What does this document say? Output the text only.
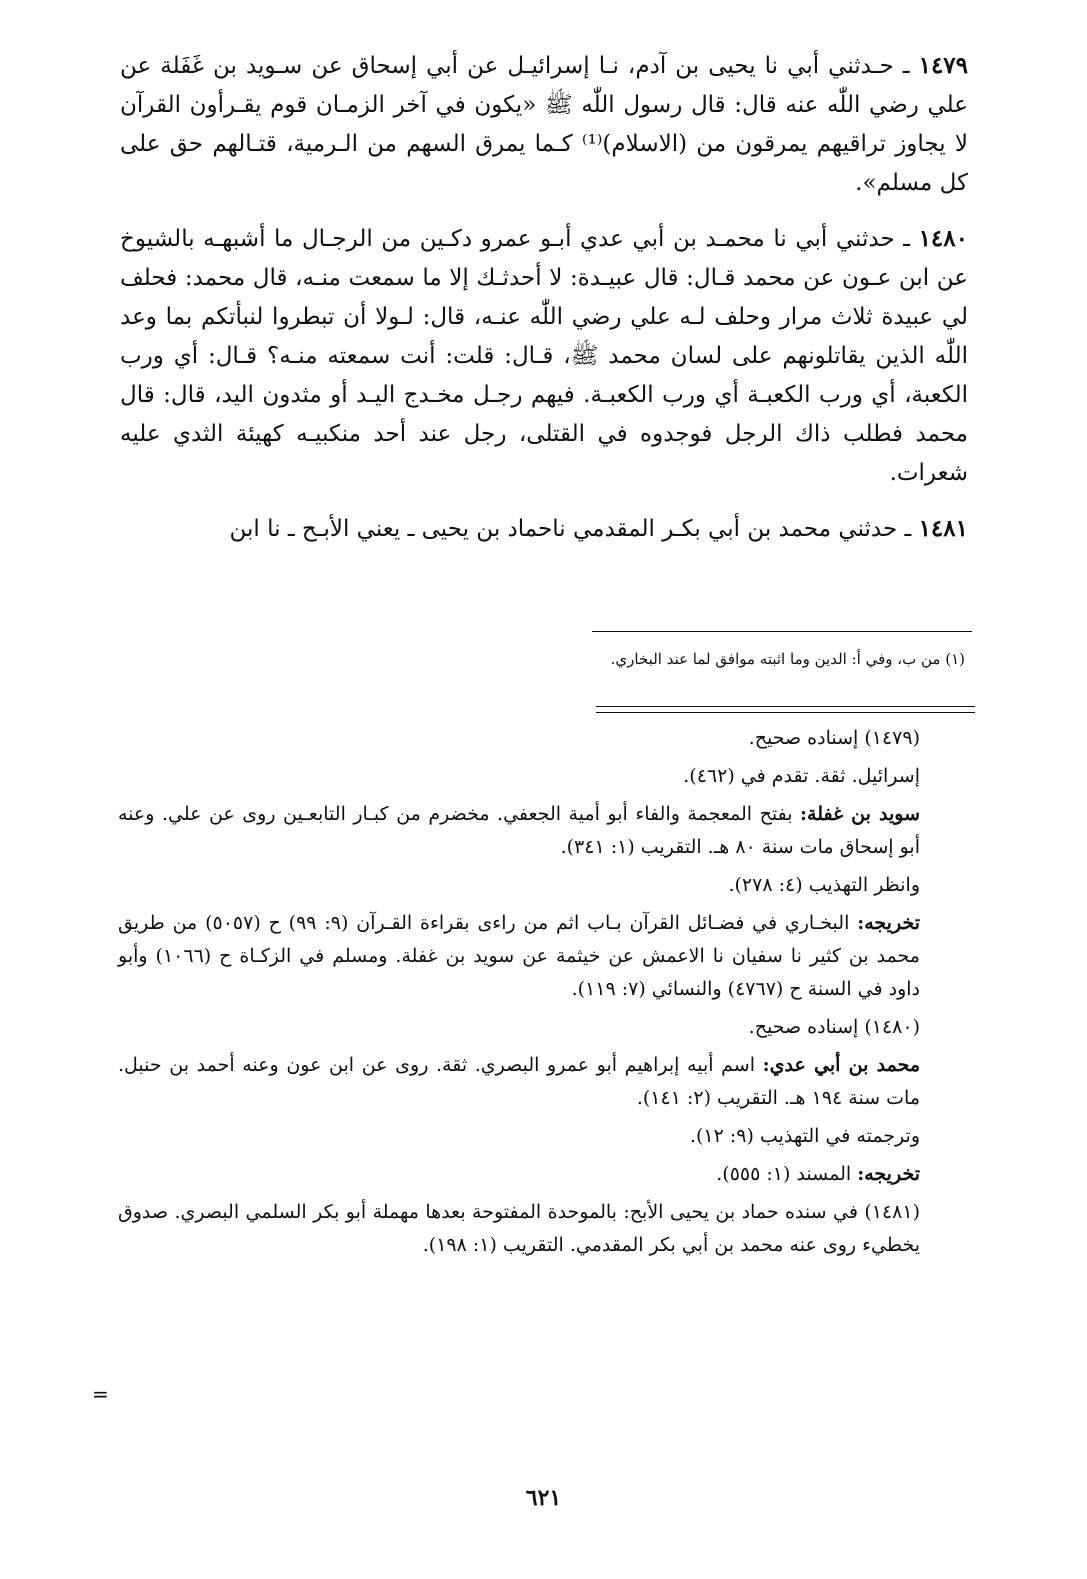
١٤٧٩ ـ حـدثني أبي نا يحيى بن آدم، نـا إسرائيـل عن أبي إسحاق عن سـويد بن غَفَلة عن علي رضي اللّٰه عنه قال: قال رسول اللّٰه ﷺ «يكون في آخر الزمـان قوم يقـرأون القرآن لا يجاوز تراقيهم يمرقون من (الاسلام)⁽¹⁾ كـما يمرق السهم من الـرمية، قتـالهم حق على كل مسلم».

١٤٨٠ ـ حدثني أبي نا محمـد بن أبي عدي أبـو عمرو دكـين من الرجـال ما أشبهـه بالشيوخ عن ابن عـون عن محمد قـال: قال عبيـدة: لا أحدثـك إلا ما سمعت منـه، قال محمد: فحلف لي عبيدة ثلاث مرار وحلف لـه علي رضي اللّٰه عنـه، قال: لـولا أن تبطروا لنبأتكم بما وعد اللّٰه الذين يقاتلونهم على لسان محمد ﷺ، قـال: قلت: أنت سمعته منـه؟ قـال: أي ورب الكعبة، أي ورب الكعبـة أي ورب الكعبـة. فيهم رجـل مخـدج اليـد أو مثدون اليد، قال: قال محمد فطلب ذاك الرجل فوجدوه في القتلى، رجل عند أحد منكبيـه كهيئة الثدي عليه شعرات.

١٤٨١ ـ حدثني محمد بن أبي بكـر المقدمي ناحماد بن يحيى ـ يعني الأبـح ـ نا ابن

(١) من ب، وفي أ: الدين وما اثبته موافق لما عند البخاري.

(١٤٧٩) إسناده صحيح.

إسرائيل. ثقة. تقدم في (٤٦٢).

سويد بن غفلة: بفتح المعجمة والفاء أبو أمية الجعفي. مخضرم من كبـار التابعـين روى عن علي. وعنه أبو إسحاق مات سنة ٨٠ هـ. التقريب (١: ٣٤١).

وانظر التهذيب (٤: ٢٧٨).

تخريجه: البخـاري في فضـائل القرآن بـاب اثم من راءى بقراءة القـرآن (٩: ٩٩) ح (٥٠٥٧) من طريق محمد بن كثير نا سفيان نا الاعمش عن خيثمة عن سويد بن غفلة. ومسلم في الزكـاة ح (١٠٦٦) وأبو داود في السنة ح (٤٧٦٧) والنسائي (٧: ١١٩).

(١٤٨٠) إسناده صحيح.

محمد بن أبي عدي: اسم أبيه إبراهيم أبو عمرو البصري. ثقة. روى عن ابن عون وعنه أحمد بن حنبل. مات سنة ١٩٤ هـ. التقريب (٢: ١٤١).

وترجمته في التهذيب (٩: ١٢).

تخريجه: المسند (١: ٥٥٥).

(١٤٨١) في سنده حماد بن يحيى الأبح: بالموحدة المفتوحة بعدها مهملة أبو بكر السلمي البصري. صدوق يخطيء روى عنه محمد بن أبي بكر المقدمي. التقريب (١: ١٩٨).

=
٦٢١
